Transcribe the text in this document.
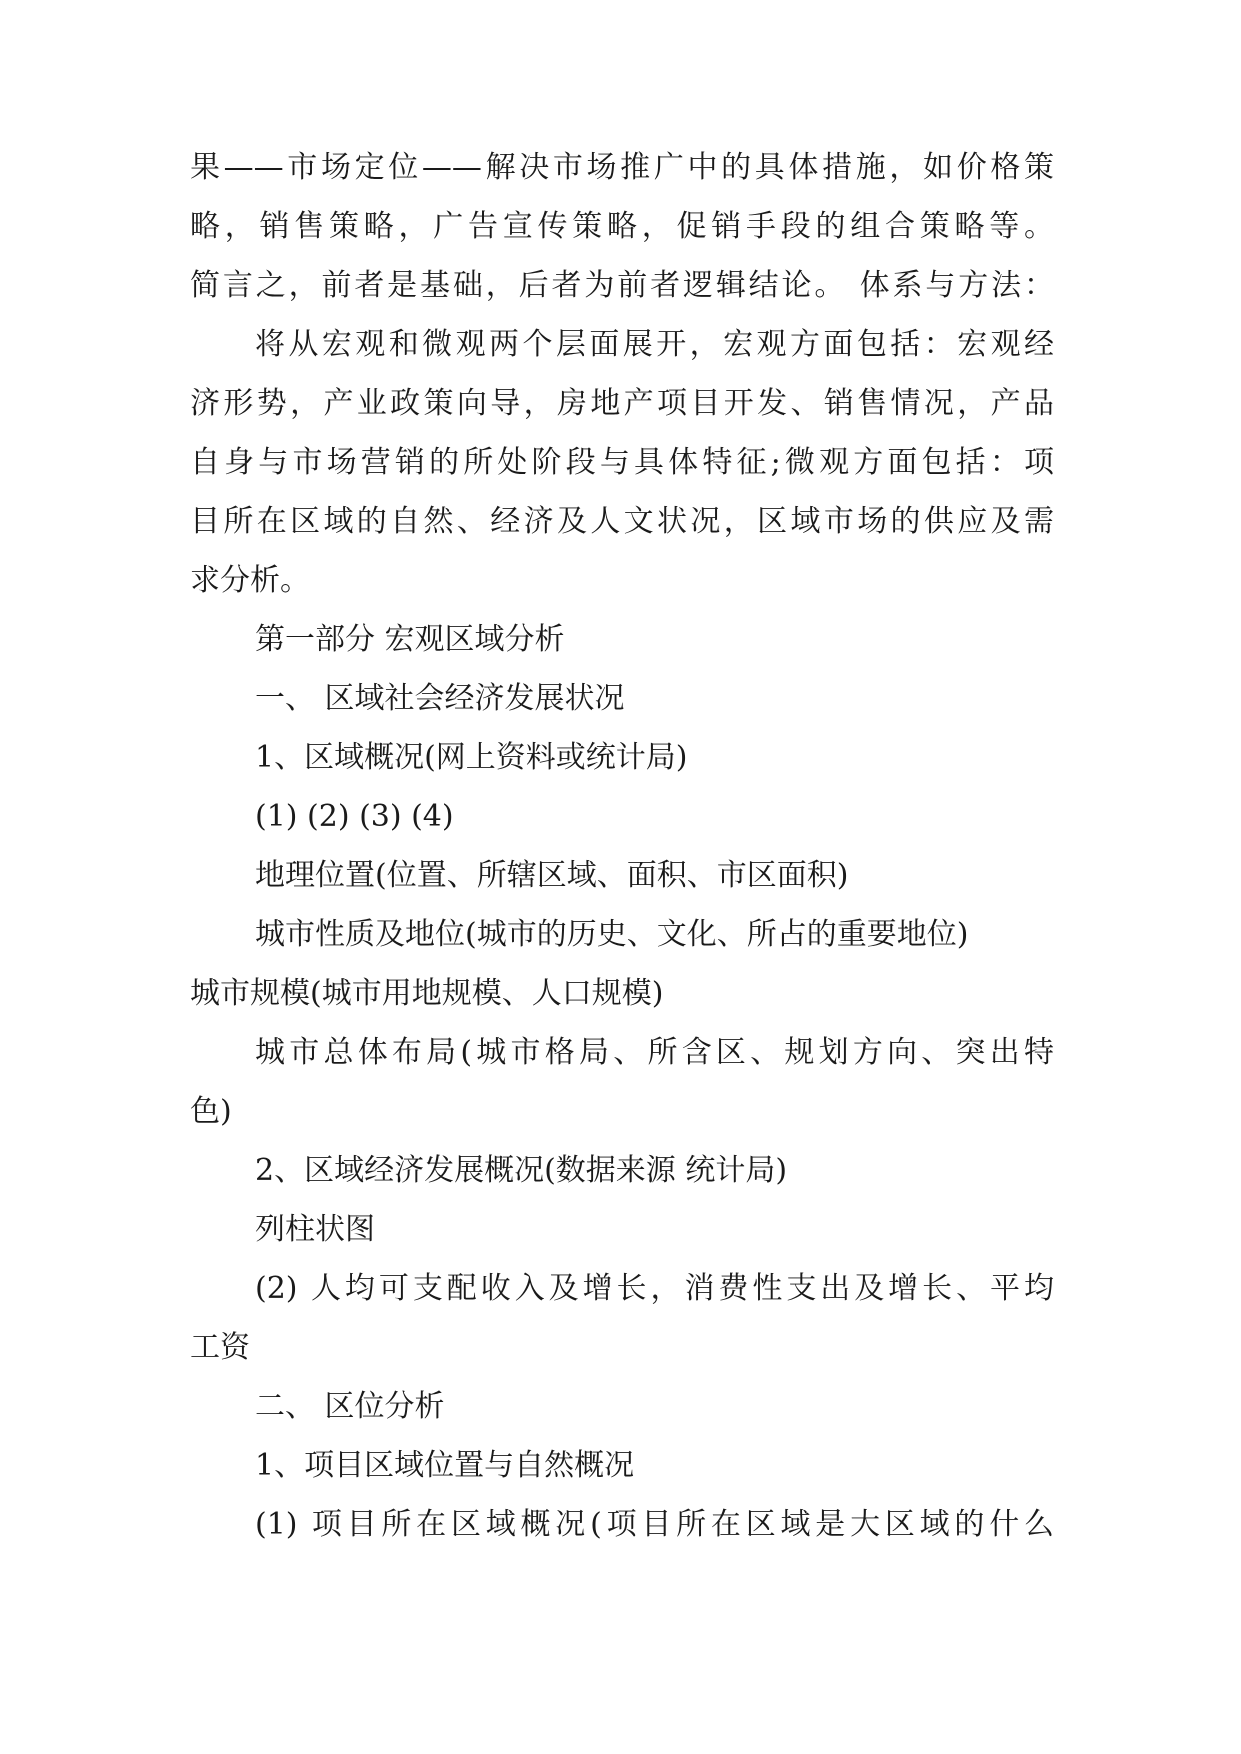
果——市场定位——解决市场推广中的具体措施，如价格策
略，销售策略，广告宣传策略，促销手段的组合策略等。
简言之，前者是基础，后者为前者逻辑结论。 体系与方法：
将从宏观和微观两个层面展开，宏观方面包括：宏观经
济形势，产业政策向导，房地产项目开发、销售情况，产品
自身与市场营销的所处阶段与具体特征;微观方面包括：项
目所在区域的自然、经济及人文状况，区域市场的供应及需
求分析。
第一部分 宏观区域分析
一、 区域社会经济发展状况
1、区域概况(网上资料或统计局)
(1) (2) (3) (4)
地理位置(位置、所辖区域、面积、市区面积)
城市性质及地位(城市的历史、文化、所占的重要地位)
城市规模(城市用地规模、人口规模)
城市总体布局(城市格局、所含区、规划方向、突出特
色)
2、区域经济发展概况(数据来源 统计局)
列柱状图
(2) 人均可支配收入及增长，消费性支出及增长、平均
工资
二、 区位分析
1、项目区域位置与自然概况
(1) 项目所在区域概况(项目所在区域是大区域的什么
